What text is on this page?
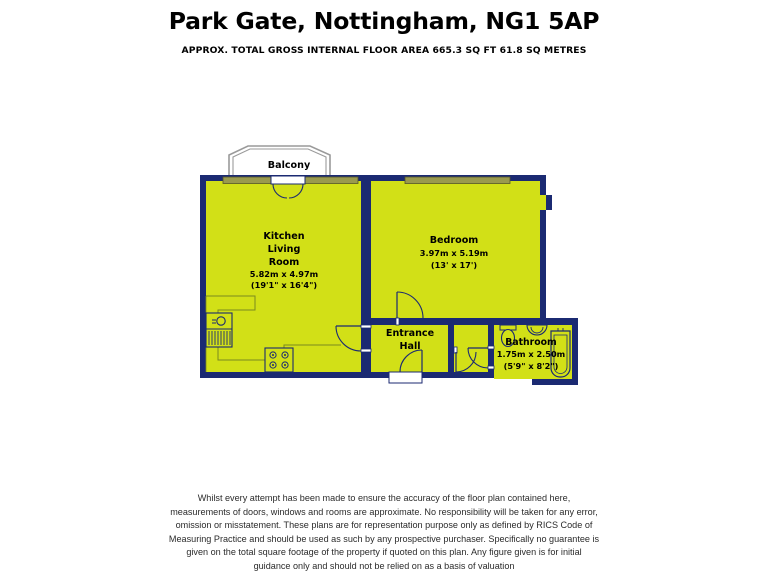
Park Gate, Nottingham, NG1 5AP
APPROX. TOTAL GROSS INTERNAL FLOOR AREA 665.3 SQ FT 61.8 SQ METRES
Balcony
Kitchen
Living
Room
5.82m x 4.97m
(19'1" x 16'4")
Bedroom
3.97m x 5.19m
(13' x 17')
Entrance
Hall	Bathroom
1.75m x 2.50m
(5'9" x 8'2")

Whilst every attempt has been made to ensure the accuracy of the floor plan contained here,

measurements of doors, windows and rooms are approximate. No responsibility will be taken for any error,

omission or misstatement. These plans are for representation purpose only as defined by RICS Code of

Measuring Practice and should be used as such by any prospective purchaser. Specifically no guarantee is

given on the total square footage of the property if quoted on this plan. Any figure given is for initial

guidance only and should not be relied on as a basis of valuation
